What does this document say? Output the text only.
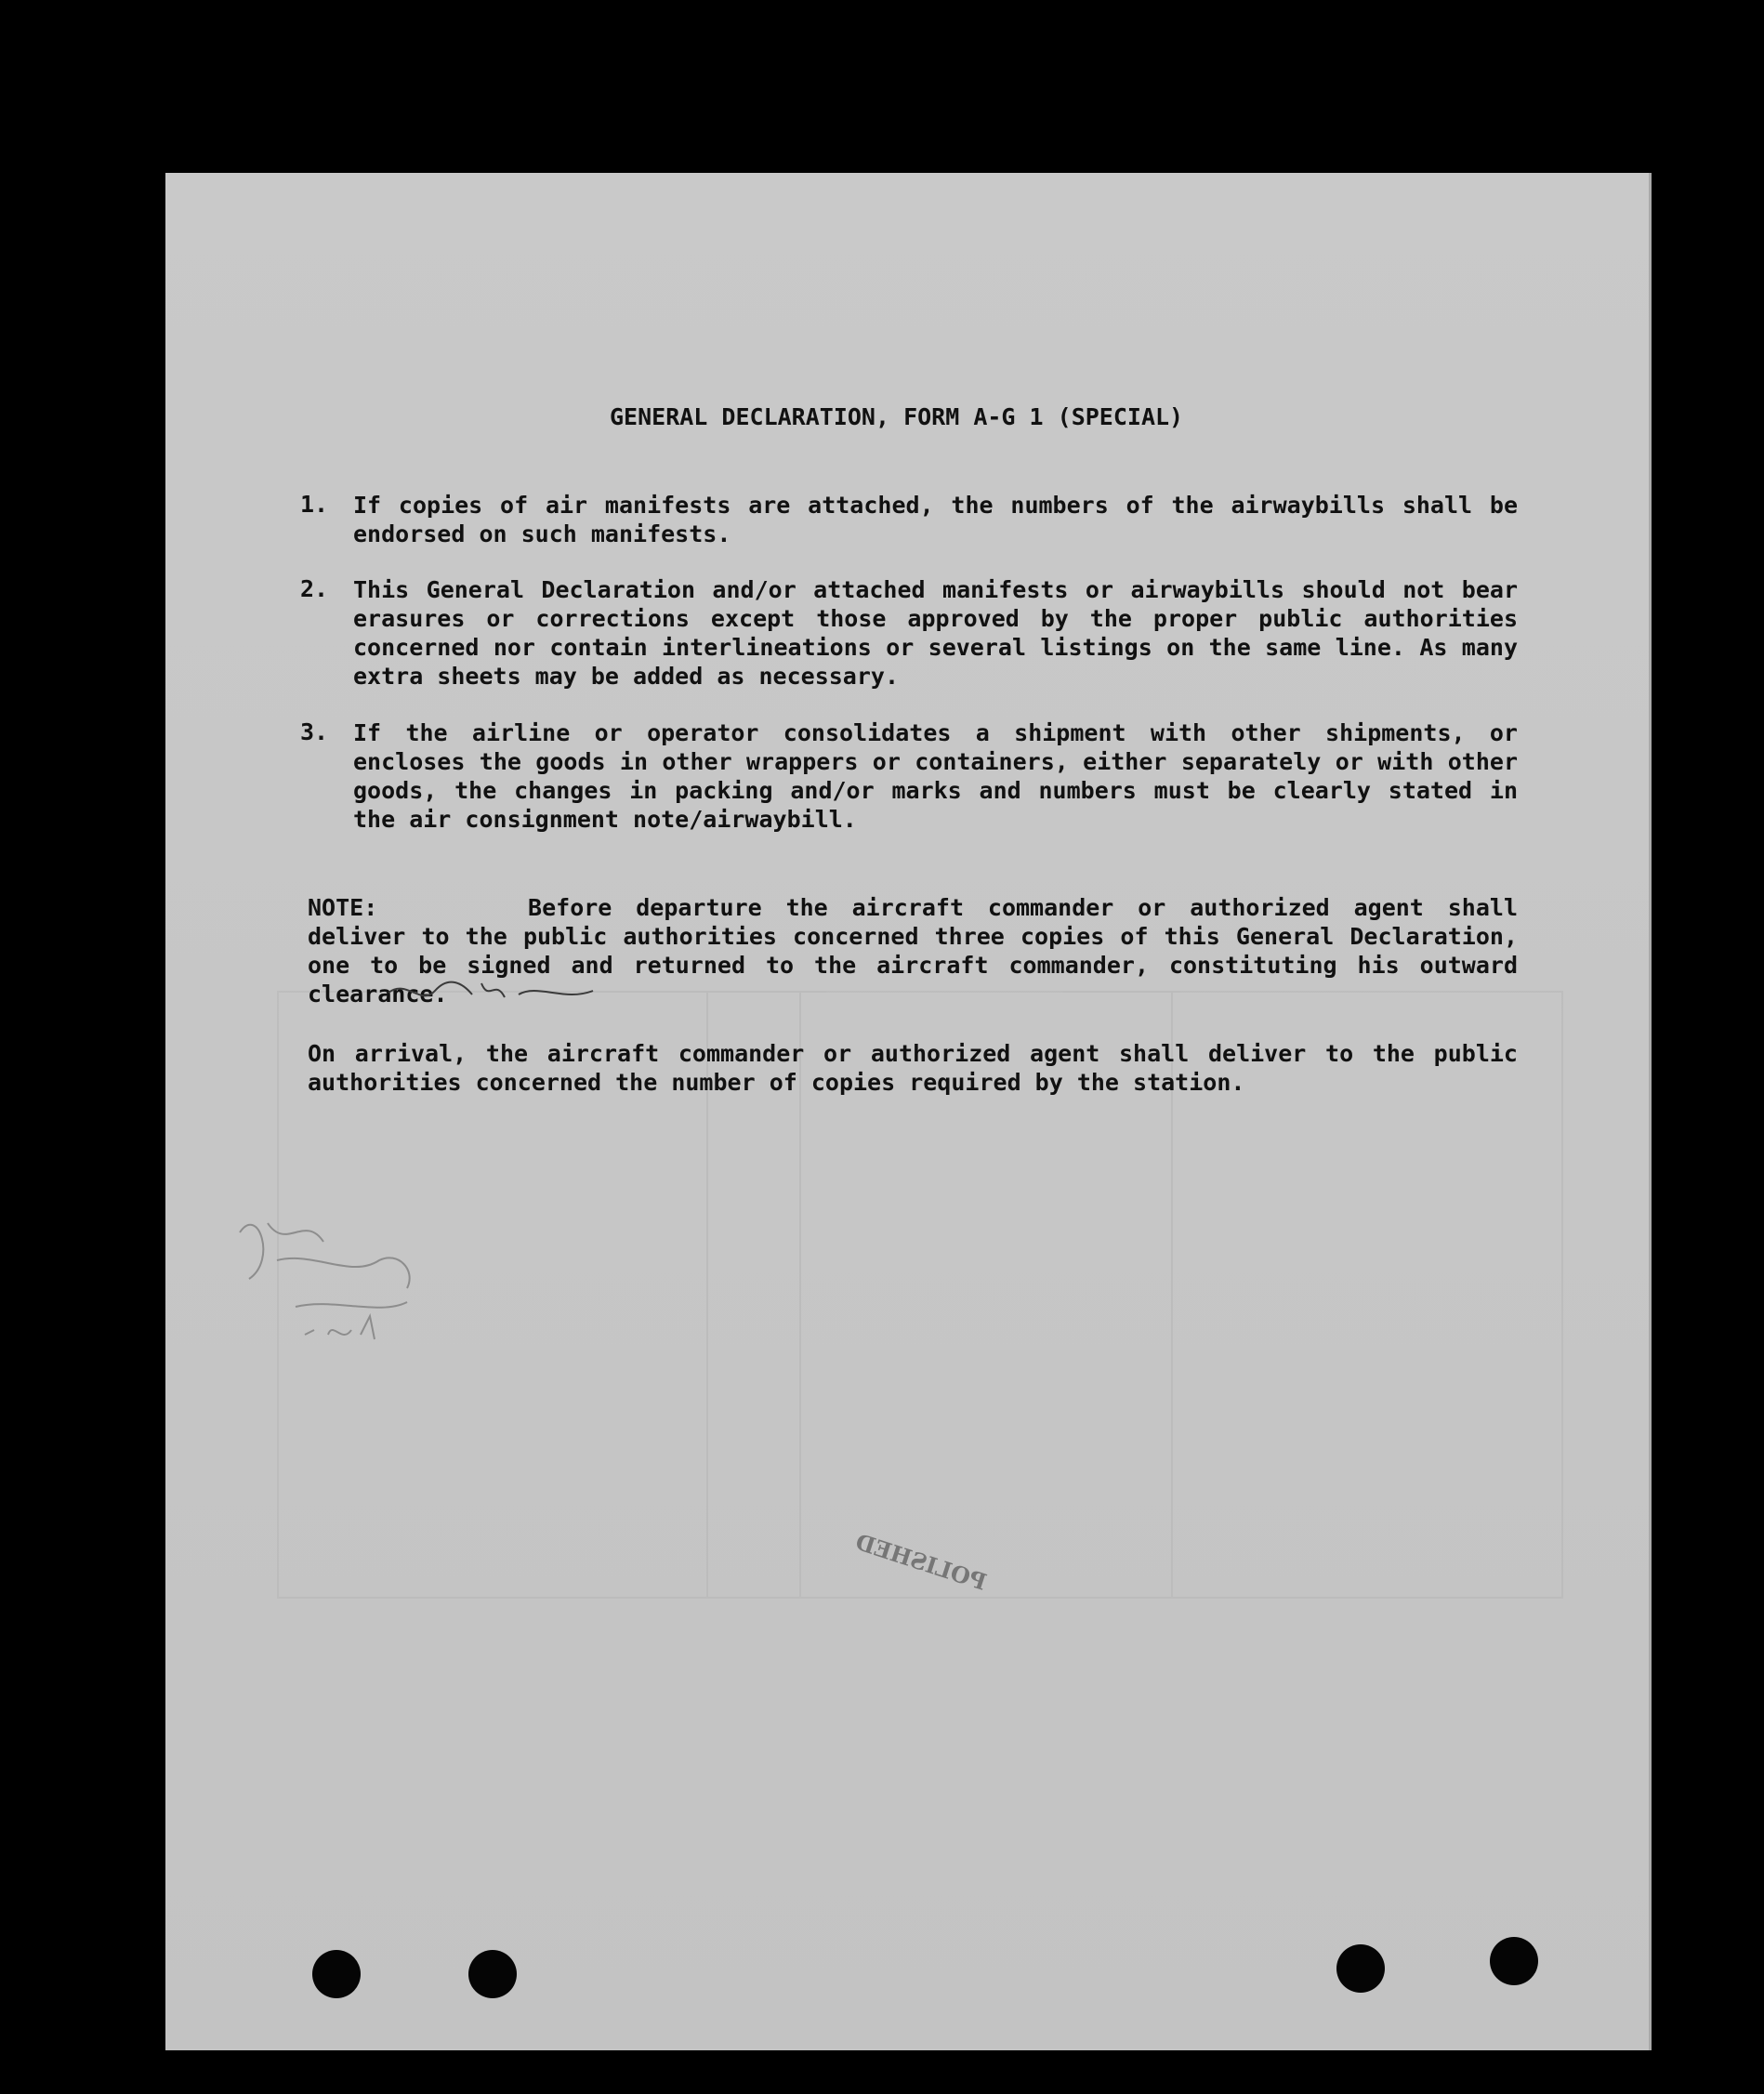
GENERAL DECLARATION, FORM A-G 1 (SPECIAL)
1. If copies of air manifests are attached, the numbers of the airwaybills shall be endorsed on such manifests.
2. This General Declaration and/or attached manifests or airwaybills should not bear erasures or corrections except those approved by the proper public authorities concerned nor contain interlineations or several listings on the same line. As many extra sheets may be added as necessary.
3. If the airline or operator consolidates a shipment with other shipments, or encloses the goods in other wrappers or containers, either separately or with other goods, the changes in packing and/or marks and numbers must be clearly stated in the air consignment note/airwaybill.
NOTE:	Before departure the aircraft commander or authorized agent shall deliver to the public authorities concerned three copies of this General Declaration, one to be signed and returned to the aircraft commander, constituting his outward clearance.
On arrival, the aircraft commander or authorized agent shall deliver to the public authorities concerned the number of copies required by the station.
POLISHED
